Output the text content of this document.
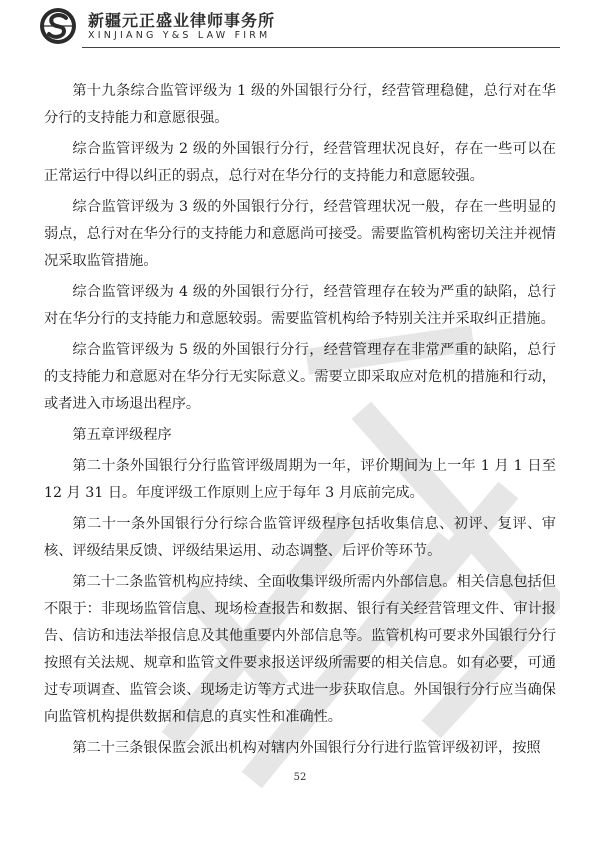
新疆元正盛业律师事务所
XINJIANG Y&S LAW FIRM

第十九条综合监管评级为 1 级的外国银行分行，经营管理稳健，总行对在华分行的支持能力和意愿很强。

综合监管评级为 2 级的外国银行分行，经营管理状况良好，存在一些可以在正常运行中得以纠正的弱点，总行对在华分行的支持能力和意愿较强。

综合监管评级为 3 级的外国银行分行，经营管理状况一般，存在一些明显的弱点，总行对在华分行的支持能力和意愿尚可接受。需要监管机构密切关注并视情况采取监管措施。

综合监管评级为 4 级的外国银行分行，经营管理存在较为严重的缺陷，总行对在华分行的支持能力和意愿较弱。需要监管机构给予特别关注并采取纠正措施。

综合监管评级为 5 级的外国银行分行，经营管理存在非常严重的缺陷，总行的支持能力和意愿对在华分行无实际意义。需要立即采取应对危机的措施和行动，或者进入市场退出程序。

第五章评级程序

第二十条外国银行分行监管评级周期为一年，评价期间为上一年 1 月 1 日至 12 月 31 日。年度评级工作原则上应于每年 3 月底前完成。

第二十一条外国银行分行综合监管评级程序包括收集信息、初评、复评、审核、评级结果反馈、评级结果运用、动态调整、后评价等环节。

第二十二条监管机构应持续、全面收集评级所需内外部信息。相关信息包括但不限于：非现场监管信息、现场检查报告和数据、银行有关经营管理文件、审计报告、信访和违法举报信息及其他重要内外部信息等。监管机构可要求外国银行分行按照有关法规、规章和监管文件要求报送评级所需要的相关信息。如有必要，可通过专项调查、监管会谈、现场走访等方式进一步获取信息。外国银行分行应当确保向监管机构提供数据和信息的真实性和准确性。

第二十三条银保监会派出机构对辖内外国银行分行进行监管评级初评，按照

52
